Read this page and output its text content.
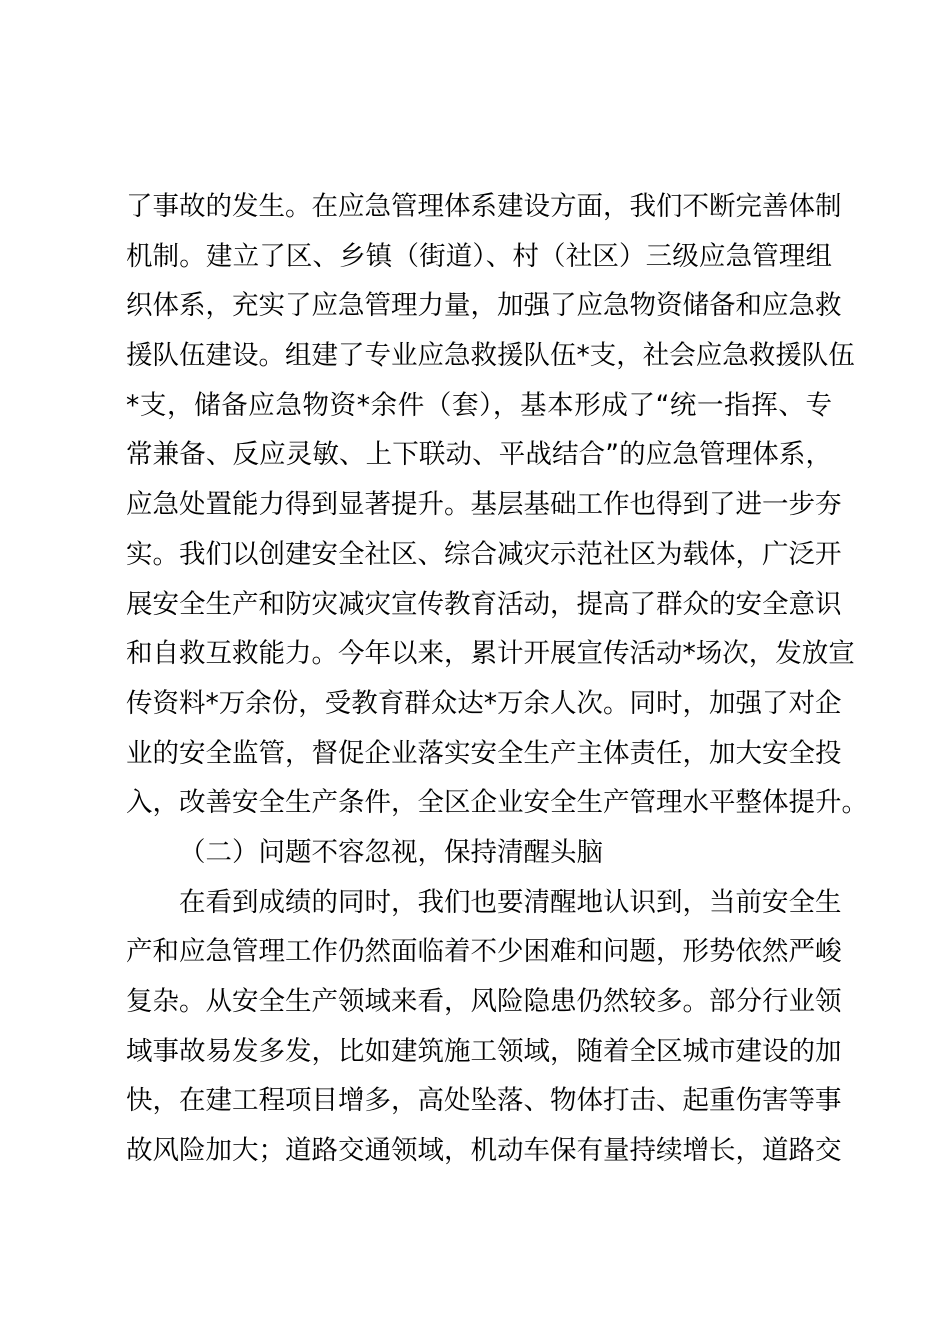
了事故的发生。在应急管理体系建设方面，我们不断完善体制
机制。建立了区、乡镇（街道）、村（社区）三级应急管理组
织体系，充实了应急管理力量，加强了应急物资储备和应急救
援队伍建设。组建了专业应急救援队伍*支，社会应急救援队伍
*支，储备应急物资*余件（套），基本形成了“统一指挥、专
常兼备、反应灵敏、上下联动、平战结合”的应急管理体系，
应急处置能力得到显著提升。基层基础工作也得到了进一步夯
实。我们以创建安全社区、综合减灾示范社区为载体，广泛开
展安全生产和防灾减灾宣传教育活动，提高了群众的安全意识
和自救互救能力。今年以来，累计开展宣传活动*场次，发放宣
传资料*万余份，受教育群众达*万余人次。同时，加强了对企
业的安全监管，督促企业落实安全生产主体责任，加大安全投
入，改善安全生产条件，全区企业安全生产管理水平整体提升。
（二）问题不容忽视，保持清醒头脑
在看到成绩的同时，我们也要清醒地认识到，当前安全生
产和应急管理工作仍然面临着不少困难和问题，形势依然严峻
复杂。从安全生产领域来看，风险隐患仍然较多。部分行业领
域事故易发多发，比如建筑施工领域，随着全区城市建设的加
快，在建工程项目增多，高处坠落、物体打击、起重伤害等事
故风险加大；道路交通领域，机动车保有量持续增长，道路交
